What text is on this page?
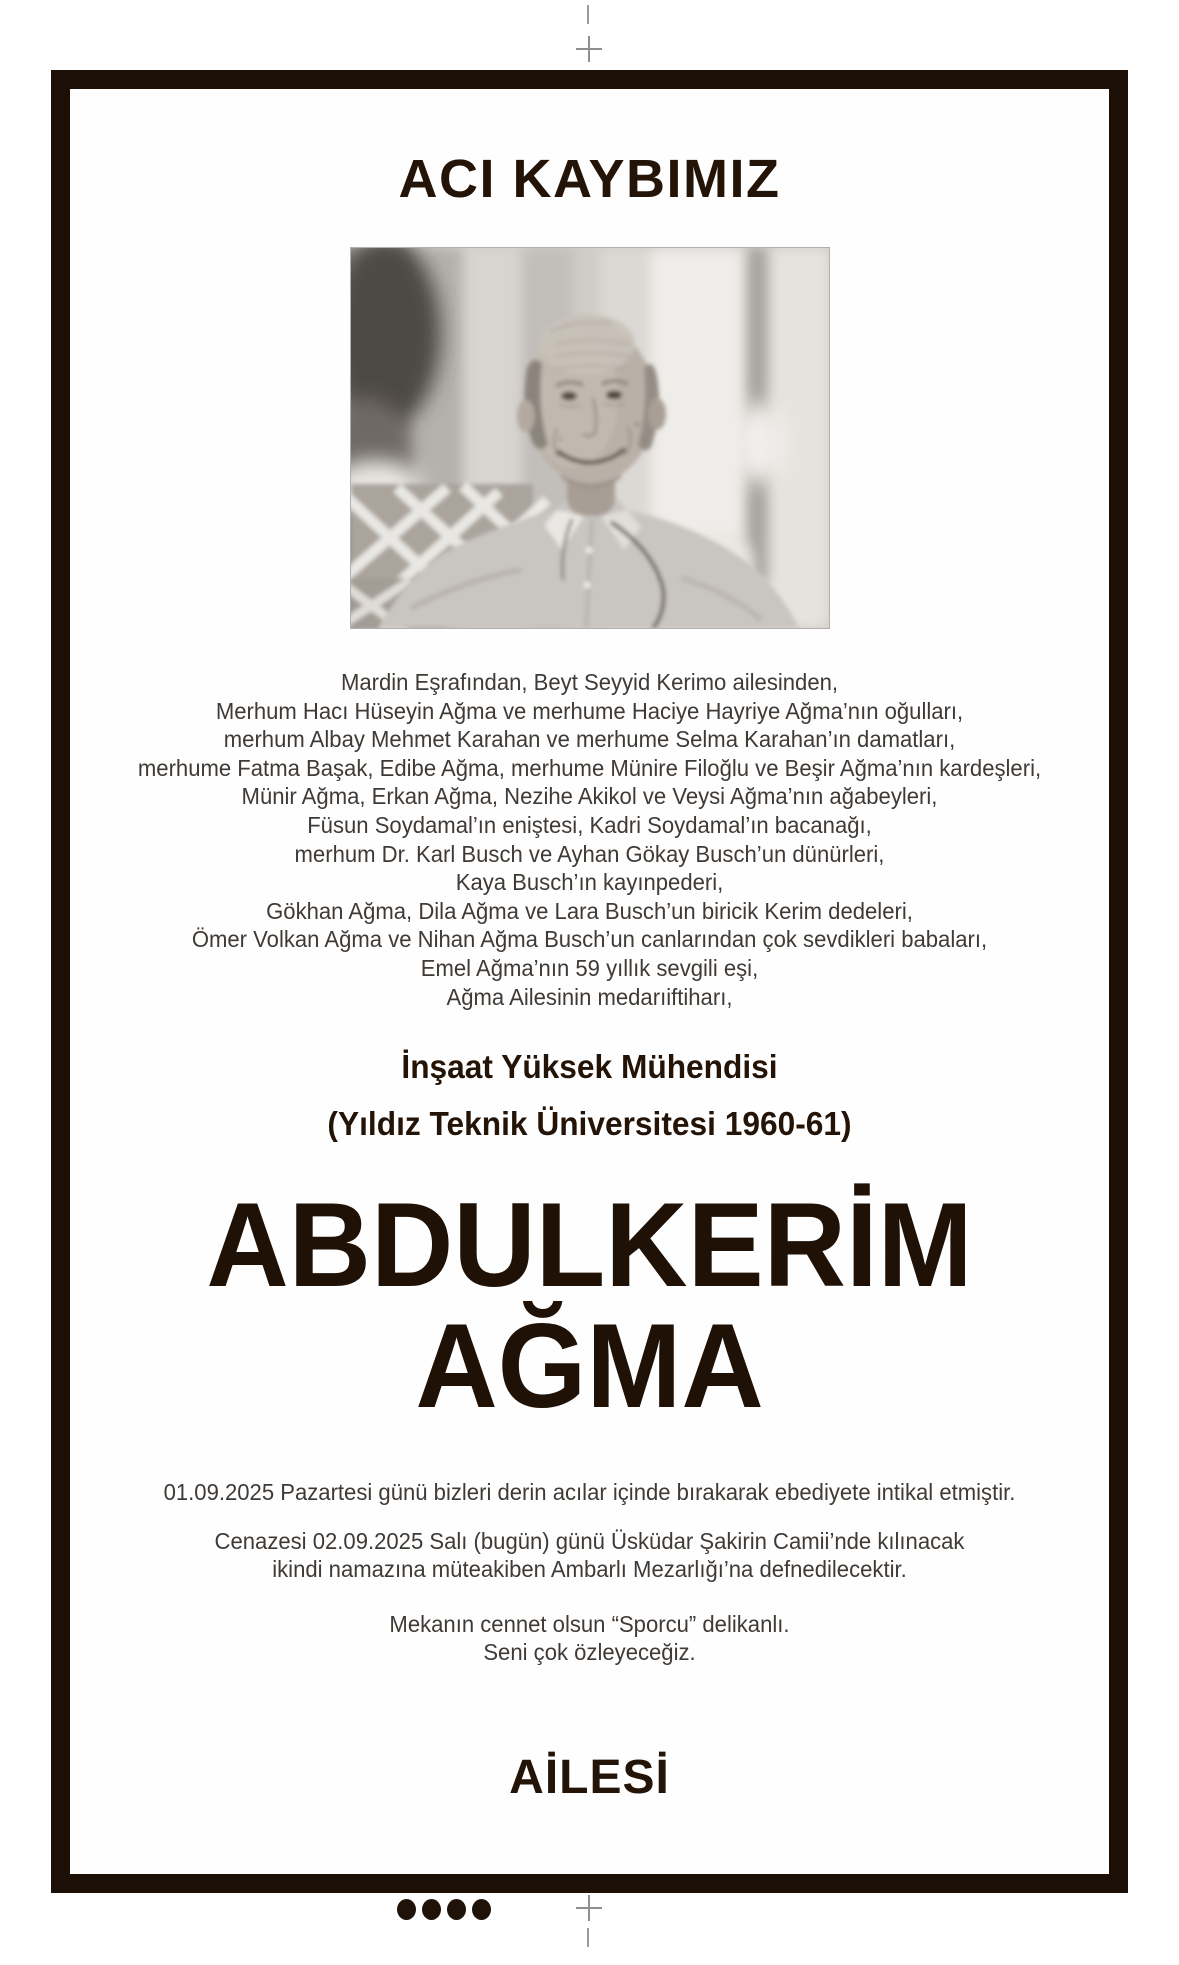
ACI KAYBIMIZ
Mardin Eşrafından, Beyt Seyyid Kerimo ailesinden,
Merhum Hacı Hüseyin Ağma ve merhume Haciye Hayriye Ağma’nın oğulları,
merhum Albay Mehmet Karahan ve merhume Selma Karahan’ın damatları,
merhume Fatma Başak, Edibe Ağma, merhume Münire Filoğlu ve Beşir Ağma’nın kardeşleri,
Münir Ağma, Erkan Ağma, Nezihe Akikol ve Veysi Ağma’nın ağabeyleri,
Füsun Soydamal’ın eniştesi, Kadri Soydamal’ın bacanağı,
merhum Dr. Karl Busch ve Ayhan Gökay Busch’un dünürleri,
Kaya Busch’ın kayınpederi,
Gökhan Ağma, Dila Ağma ve Lara Busch’un biricik Kerim dedeleri,
Ömer Volkan Ağma ve Nihan Ağma Busch’un canlarından çok sevdikleri babaları,
Emel Ağma’nın 59 yıllık sevgili eşi,
Ağma Ailesinin medarıiftiharı,
İnşaat Yüksek Mühendisi
(Yıldız Teknik Üniversitesi 1960-61)
ABDULKERİM
AĞMA
01.09.2025 Pazartesi günü bizleri derin acılar içinde bırakarak ebediyete intikal etmiştir.
Cenazesi 02.09.2025 Salı (bugün) günü Üsküdar Şakirin Camii’nde kılınacak
ikindi namazına müteakiben Ambarlı Mezarlığı’na defnedilecektir.
Mekanın cennet olsun “Sporcu” delikanlı.
Seni çok özleyeceğiz.
AİLESİ
